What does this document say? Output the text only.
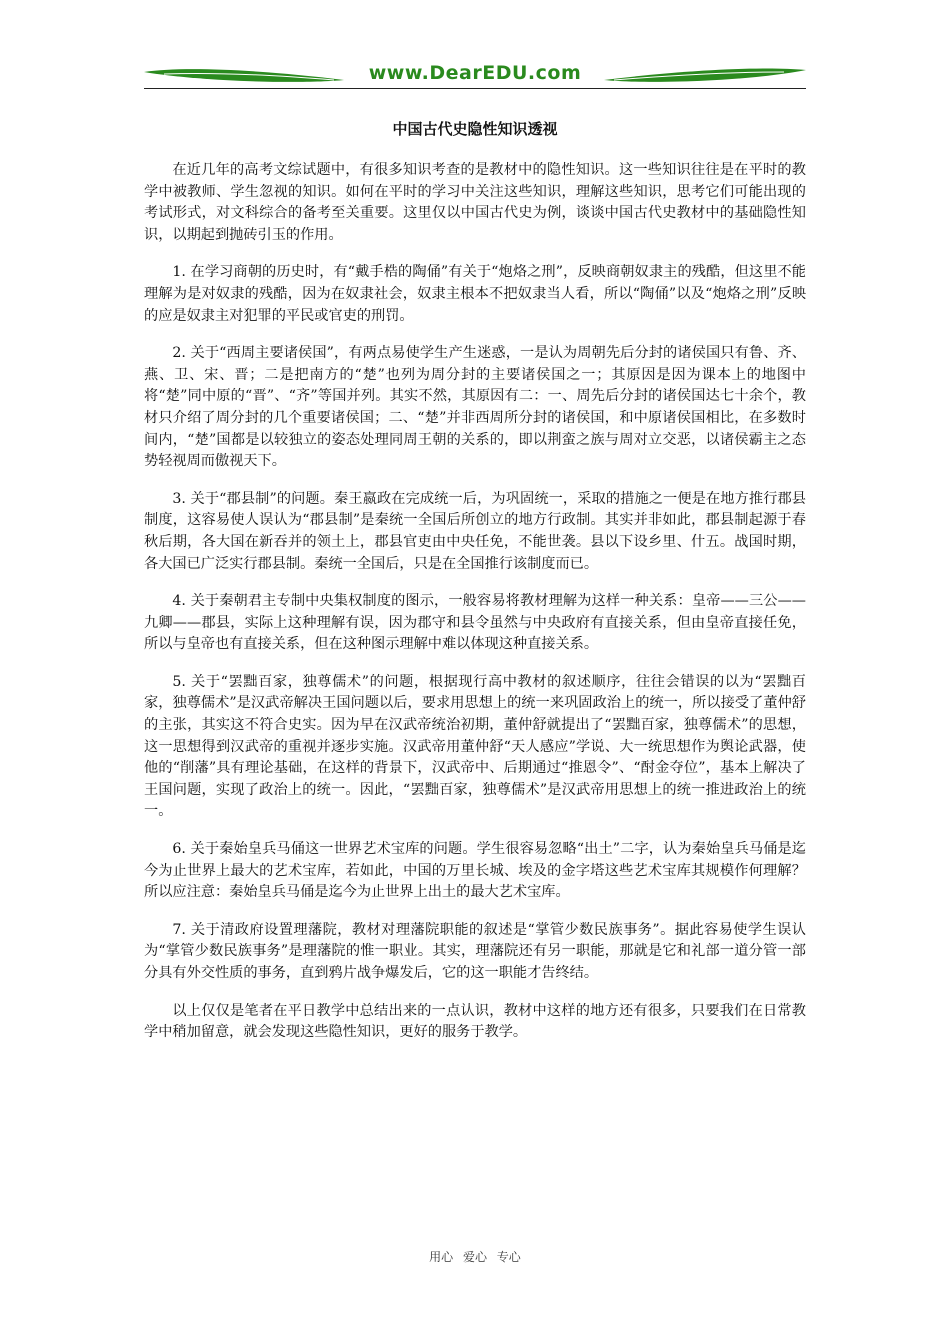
www.DearEDU.com
中国古代史隐性知识透视

在近几年的高考文综试题中，有很多知识考查的是教材中的隐性知识。这一些知识往往是在平时的教学中被教师、学生忽视的知识。如何在平时的学习中关注这些知识，理解这些知识，思考它们可能出现的考试形式，对文科综合的备考至关重要。这里仅以中国古代史为例，谈谈中国古代史教材中的基础隐性知识，以期起到抛砖引玉的作用。

1. 在学习商朝的历史时，有“戴手梏的陶俑”有关于“炮烙之刑”，反映商朝奴隶主的残酷，但这里不能理解为是对奴隶的残酷，因为在奴隶社会，奴隶主根本不把奴隶当人看，所以“陶俑”以及“炮烙之刑”反映的应是奴隶主对犯罪的平民或官吏的刑罚。

2. 关于“西周主要诸侯国”，有两点易使学生产生迷惑，一是认为周朝先后分封的诸侯国只有鲁、齐、燕、卫、宋、晋；二是把南方的“楚”也列为周分封的主要诸侯国之一；其原因是因为课本上的地图中将“楚”同中原的“晋”、“齐”等国并列。其实不然，其原因有二：一、周先后分封的诸侯国达七十余个，教材只介绍了周分封的几个重要诸侯国；二、“楚”并非西周所分封的诸侯国，和中原诸侯国相比，在多数时间内，“楚”国都是以较独立的姿态处理同周王朝的关系的，即以荆蛮之族与周对立交恶，以诸侯霸主之态势轻视周而傲视天下。

3. 关于“郡县制”的问题。秦王嬴政在完成统一后，为巩固统一，采取的措施之一便是在地方推行郡县制度，这容易使人误认为“郡县制”是秦统一全国后所创立的地方行政制。其实并非如此，郡县制起源于春秋后期，各大国在新吞并的领土上，郡县官吏由中央任免，不能世袭。县以下设乡里、什五。战国时期，各大国已广泛实行郡县制。秦统一全国后，只是在全国推行该制度而已。

4. 关于秦朝君主专制中央集权制度的图示，一般容易将教材理解为这样一种关系：皇帝——三公——九卿——郡县，实际上这种理解有误，因为郡守和县令虽然与中央政府有直接关系，但由皇帝直接任免，所以与皇帝也有直接关系，但在这种图示理解中难以体现这种直接关系。

5. 关于“罢黜百家，独尊儒术”的问题，根据现行高中教材的叙述顺序，往往会错误的以为“罢黜百家，独尊儒术”是汉武帝解决王国问题以后，要求用思想上的统一来巩固政治上的统一，所以接受了董仲舒的主张，其实这不符合史实。因为早在汉武帝统治初期，董仲舒就提出了“罢黜百家，独尊儒术”的思想，这一思想得到汉武帝的重视并逐步实施。汉武帝用董仲舒“天人感应”学说、大一统思想作为舆论武器，使他的“削藩”具有理论基础，在这样的背景下，汉武帝中、后期通过“推恩令”、“酎金夺位”，基本上解决了王国问题，实现了政治上的统一。因此，“罢黜百家，独尊儒术”是汉武帝用思想上的统一推进政治上的统一。

6. 关于秦始皇兵马俑这一世界艺术宝库的问题。学生很容易忽略“出土”二字，认为秦始皇兵马俑是迄今为止世界上最大的艺术宝库，若如此，中国的万里长城、埃及的金字塔这些艺术宝库其规模作何理解？所以应注意：秦始皇兵马俑是迄今为止世界上出土的最大艺术宝库。

7. 关于清政府设置理藩院，教材对理藩院职能的叙述是“掌管少数民族事务”。据此容易使学生误认为“掌管少数民族事务”是理藩院的惟一职业。其实，理藩院还有另一职能，那就是它和礼部一道分管一部分具有外交性质的事务，直到鸦片战争爆发后，它的这一职能才告终结。

以上仅仅是笔者在平日教学中总结出来的一点认识，教材中这样的地方还有很多，只要我们在日常教学中稍加留意，就会发现这些隐性知识，更好的服务于教学。

用心 爱心 专心
